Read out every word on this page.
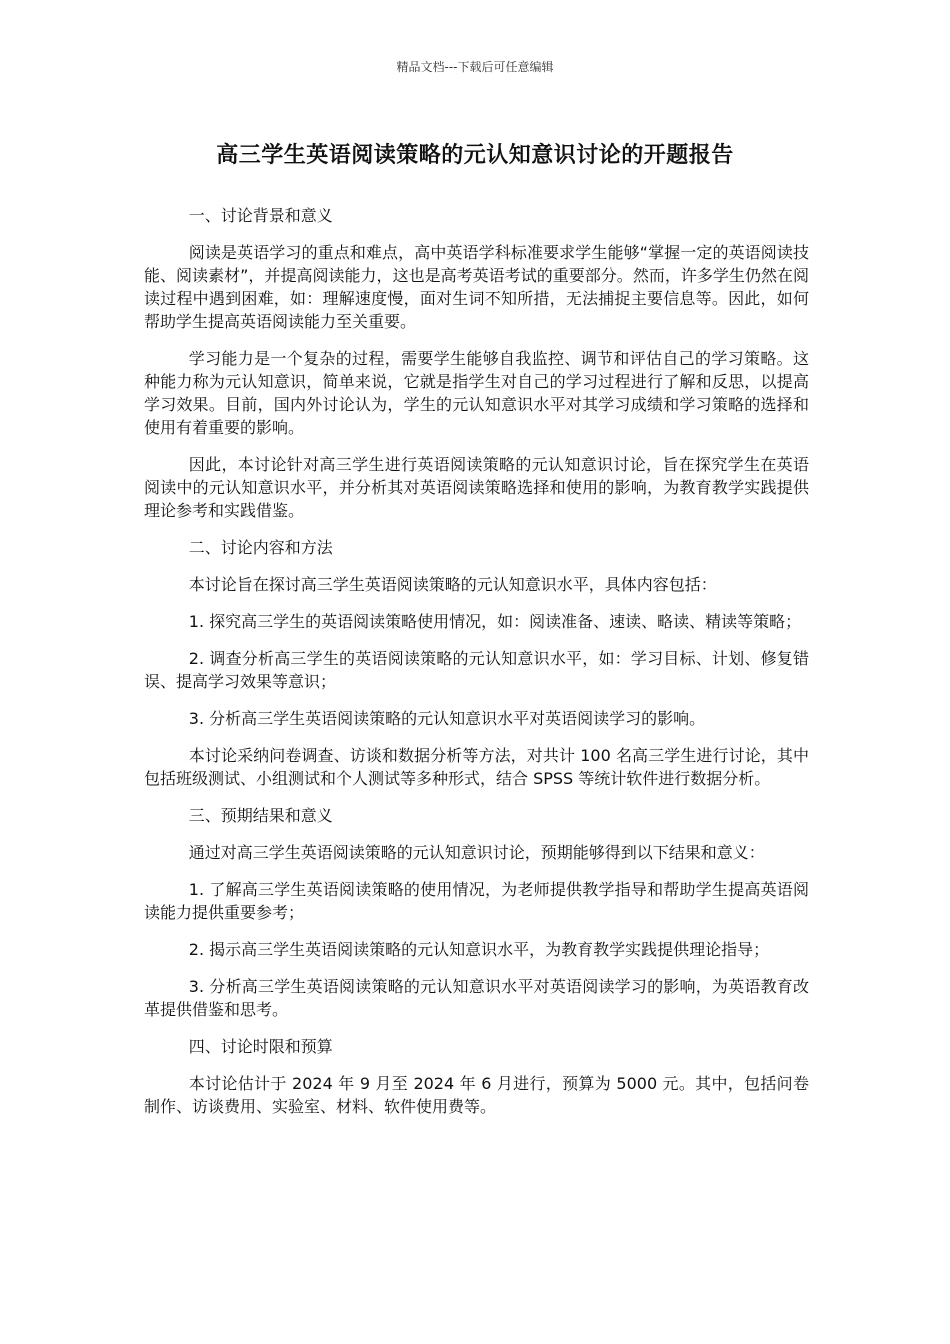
精品文档---下载后可任意编辑
高三学生英语阅读策略的元认知意识讨论的开题报告

一、讨论背景和意义

阅读是英语学习的重点和难点，高中英语学科标准要求学生能够“掌握一定的英语阅读技能、阅读素材”，并提高阅读能力，这也是高考英语考试的重要部分。然而，许多学生仍然在阅读过程中遇到困难，如：理解速度慢，面对生词不知所措，无法捕捉主要信息等。因此，如何帮助学生提高英语阅读能力至关重要。

学习能力是一个复杂的过程，需要学生能够自我监控、调节和评估自己的学习策略。这种能力称为元认知意识，简单来说，它就是指学生对自己的学习过程进行了解和反思，以提高学习效果。目前，国内外讨论认为，学生的元认知意识水平对其学习成绩和学习策略的选择和使用有着重要的影响。

因此，本讨论针对高三学生进行英语阅读策略的元认知意识讨论，旨在探究学生在英语阅读中的元认知意识水平，并分析其对英语阅读策略选择和使用的影响，为教育教学实践提供理论参考和实践借鉴。

二、讨论内容和方法

本讨论旨在探讨高三学生英语阅读策略的元认知意识水平，具体内容包括：

1. 探究高三学生的英语阅读策略使用情况，如：阅读准备、速读、略读、精读等策略；

2. 调查分析高三学生的英语阅读策略的元认知意识水平，如：学习目标、计划、修复错误、提高学习效果等意识；

3. 分析高三学生英语阅读策略的元认知意识水平对英语阅读学习的影响。

本讨论采纳问卷调查、访谈和数据分析等方法，对共计 100 名高三学生进行讨论，其中包括班级测试、小组测试和个人测试等多种形式，结合 SPSS 等统计软件进行数据分析。

三、预期结果和意义

通过对高三学生英语阅读策略的元认知意识讨论，预期能够得到以下结果和意义：

1. 了解高三学生英语阅读策略的使用情况，为老师提供教学指导和帮助学生提高英语阅读能力提供重要参考；

2. 揭示高三学生英语阅读策略的元认知意识水平，为教育教学实践提供理论指导；

3. 分析高三学生英语阅读策略的元认知意识水平对英语阅读学习的影响，为英语教育改革提供借鉴和思考。

四、讨论时限和预算

本讨论估计于 2024 年 9 月至 2024 年 6 月进行，预算为 5000 元。其中，包括问卷制作、访谈费用、实验室、材料、软件使用费等。
